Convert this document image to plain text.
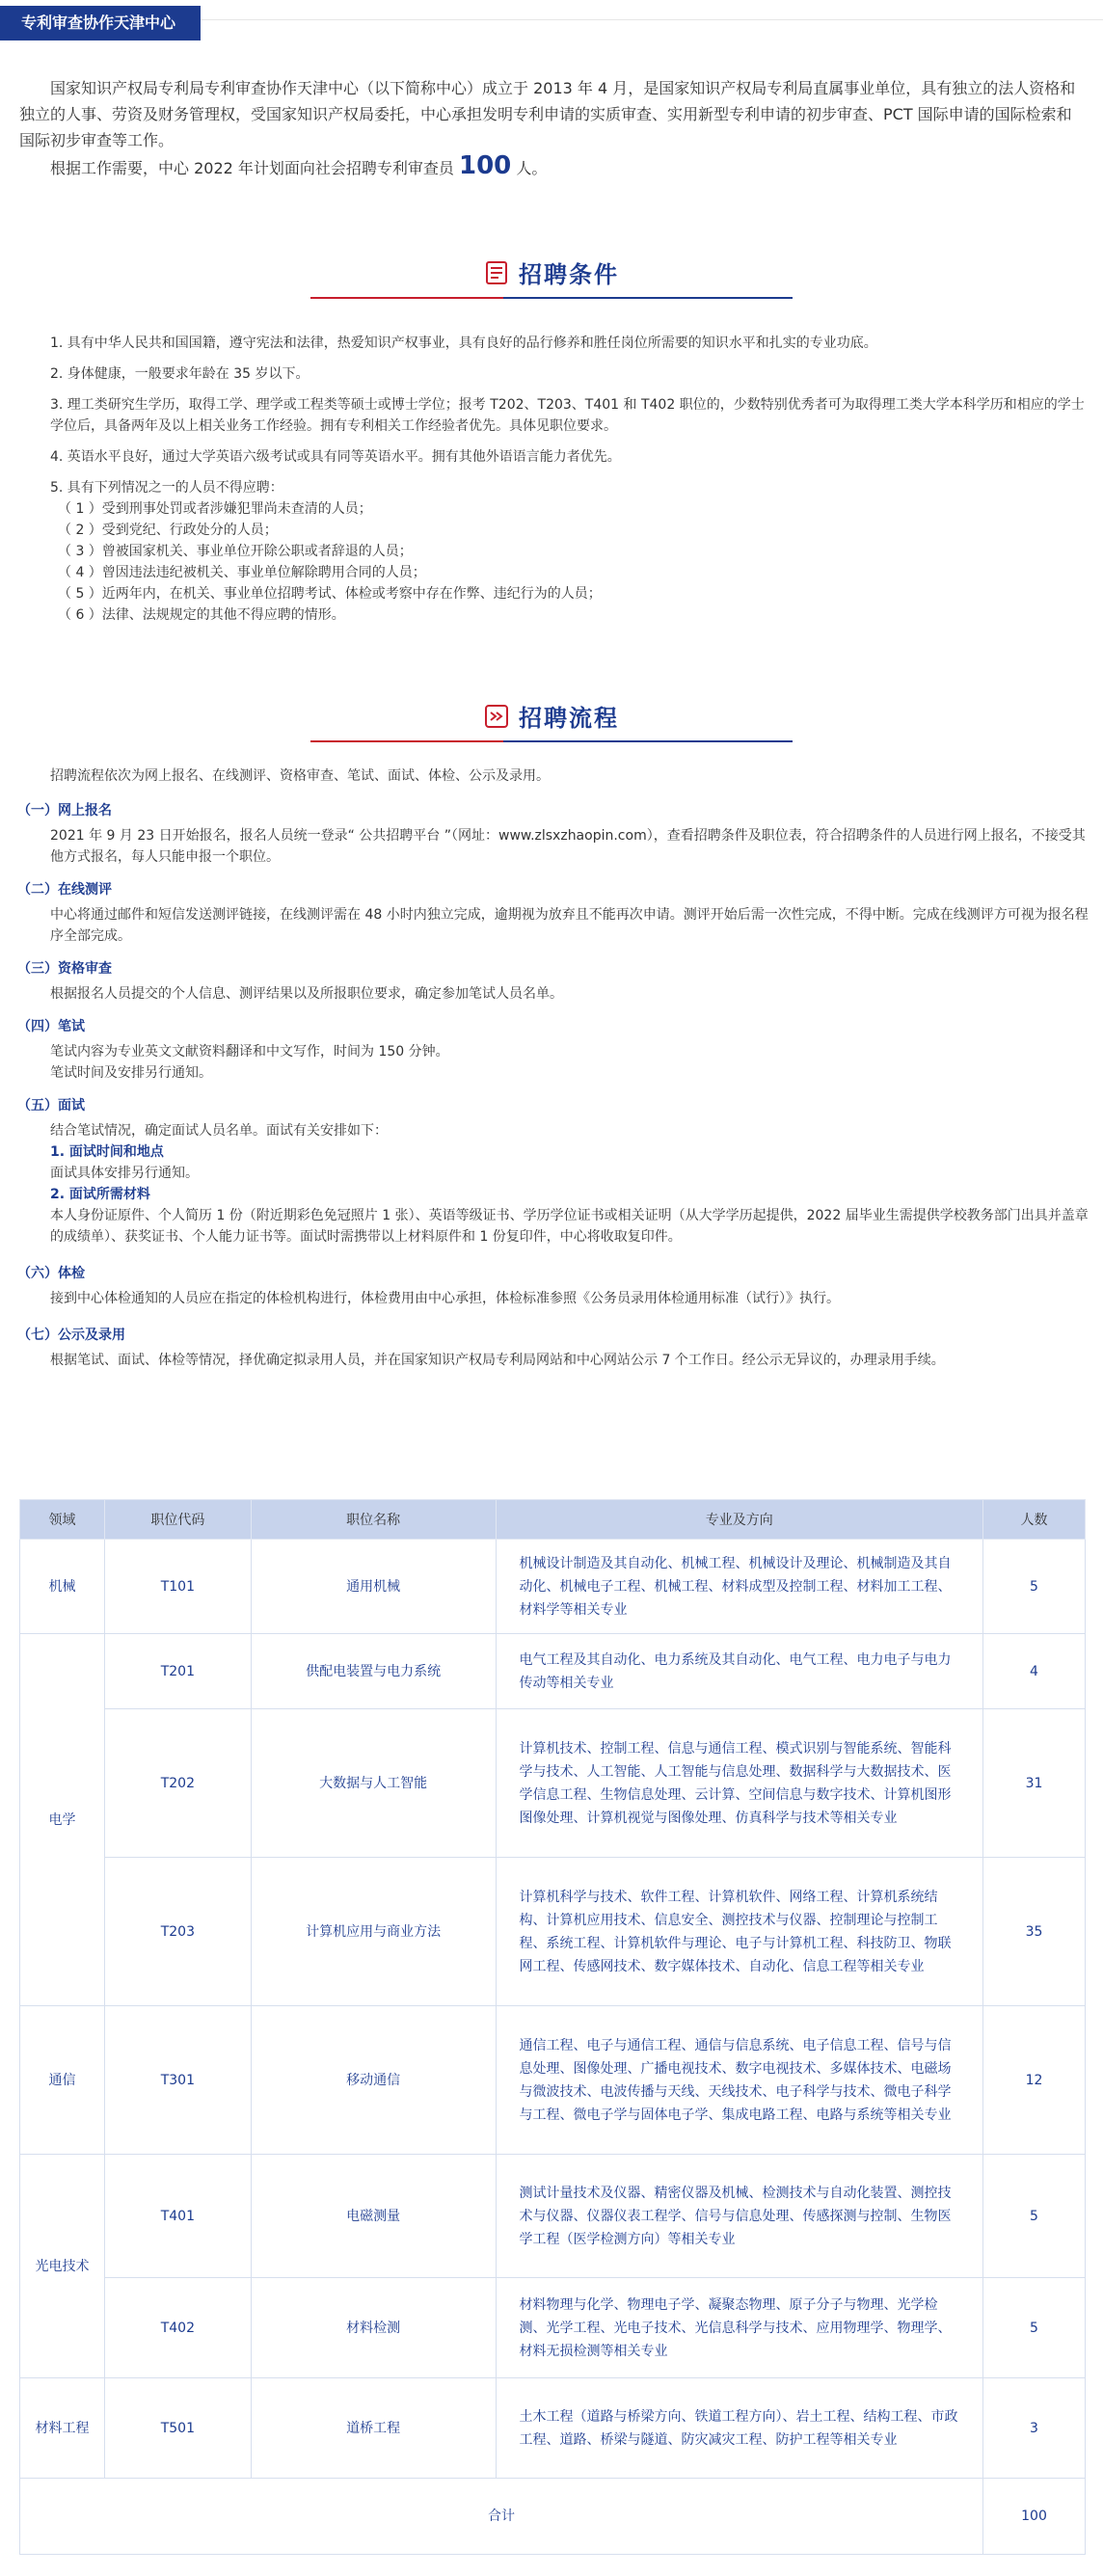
专利审查协作天津中心

国家知识产权局专利局专利审查协作天津中心（以下简称中心）成立于 2013 年 4 月，是国家知识产权局专利局直属事业单位，具有独立的法人资格和独立的人事、劳资及财务管理权，受国家知识产权局委托，中心承担发明专利申请的实质审查、实用新型专利申请的初步审查、PCT 国际申请的国际检索和国际初步审查等工作。

根据工作需要，中心 2022 年计划面向社会招聘专利审查员 100 人。

招聘条件

1. 具有中华人民共和国国籍，遵守宪法和法律，热爱知识产权事业，具有良好的品行修养和胜任岗位所需要的知识水平和扎实的专业功底。

2. 身体健康，一般要求年龄在 35 岁以下。

3. 理工类研究生学历，取得工学、理学或工程类等硕士或博士学位；报考 T202、T203、T401 和 T402 职位的，少数特别优秀者可为取得理工类大学本科学历和相应的学士学位后，具备两年及以上相关业务工作经验。拥有专利相关工作经验者优先。具体见职位要求。

4. 英语水平良好，通过大学英语六级考试或具有同等英语水平。拥有其他外语语言能力者优先。

5. 具有下列情况之一的人员不得应聘：

（ 1 ）受到刑事处罚或者涉嫌犯罪尚未查清的人员；

（ 2 ）受到党纪、行政处分的人员；

（ 3 ）曾被国家机关、事业单位开除公职或者辞退的人员；

（ 4 ）曾因违法违纪被机关、事业单位解除聘用合同的人员；

（ 5 ）近两年内，在机关、事业单位招聘考试、体检或考察中存在作弊、违纪行为的人员；

（ 6 ）法律、法规规定的其他不得应聘的情形。

招聘流程

招聘流程依次为网上报名、在线测评、资格审查、笔试、面试、体检、公示及录用。

（一）网上报名

2021 年 9 月 23 日开始报名，报名人员统一登录“ 公共招聘平台 ”（网址：www.zlsxzhaopin.com），查看招聘条件及职位表，符合招聘条件的人员进行网上报名，不接受其他方式报名，每人只能申报一个职位。

（二）在线测评

中心将通过邮件和短信发送测评链接，在线测评需在 48 小时内独立完成，逾期视为放弃且不能再次申请。测评开始后需一次性完成，不得中断。完成在线测评方可视为报名程序全部完成。

（三）资格审查

根据报名人员提交的个人信息、测评结果以及所报职位要求，确定参加笔试人员名单。

（四）笔试

笔试内容为专业英文文献资料翻译和中文写作，时间为 150 分钟。

笔试时间及安排另行通知。

（五）面试

结合笔试情况，确定面试人员名单。面试有关安排如下：

1. 面试时间和地点

面试具体安排另行通知。

2. 面试所需材料

本人身份证原件、个人简历 1 份（附近期彩色免冠照片 1 张）、英语等级证书、学历学位证书或相关证明（从大学学历起提供，2022 届毕业生需提供学校教务部门出具并盖章的成绩单）、获奖证书、个人能力证书等。面试时需携带以上材料原件和 1 份复印件，中心将收取复印件。

（六）体检

接到中心体检通知的人员应在指定的体检机构进行，体检费用由中心承担，体检标准参照《公务员录用体检通用标准（试行）》执行。

（七）公示及录用

根据笔试、面试、体检等情况，择优确定拟录用人员，并在国家知识产权局专利局网站和中心网站公示 7 个工作日。经公示无异议的，办理录用手续。

领域	职位代码	职位名称	专业及方向	人数
机械	T101	通用机械	机械设计制造及其自动化、机械工程、机械设计及理论、机械制造及其自动化、机械电子工程、机械工程、材料成型及控制工程、材料加工工程、材料学等相关专业	5
电学	T201	供配电装置与电力系统	电气工程及其自动化、电力系统及其自动化、电气工程、电力电子与电力传动等相关专业	4
	T202	大数据与人工智能	计算机技术、控制工程、信息与通信工程、模式识别与智能系统、智能科学与技术、人工智能、人工智能与信息处理、数据科学与大数据技术、医学信息工程、生物信息处理、云计算、空间信息与数字技术、计算机图形图像处理、计算机视觉与图像处理、仿真科学与技术等相关专业	31
	T203	计算机应用与商业方法	计算机科学与技术、软件工程、计算机软件、网络工程、计算机系统结构、计算机应用技术、信息安全、测控技术与仪器、控制理论与控制工程、系统工程、计算机软件与理论、电子与计算机工程、科技防卫、物联网工程、传感网技术、数字媒体技术、自动化、信息工程等相关专业	35
通信	T301	移动通信	通信工程、电子与通信工程、通信与信息系统、电子信息工程、信号与信息处理、图像处理、广播电视技术、数字电视技术、多媒体技术、电磁场与微波技术、电波传播与天线、天线技术、电子科学与技术、微电子科学与工程、微电子学与固体电子学、集成电路工程、电路与系统等相关专业	12
光电技术	T401	电磁测量	测试计量技术及仪器、精密仪器及机械、检测技术与自动化装置、测控技术与仪器、仪器仪表工程学、信号与信息处理、传感探测与控制、生物医学工程（医学检测方向）等相关专业	5
	T402	材料检测	材料物理与化学、物理电子学、凝聚态物理、原子分子与物理、光学检测、光学工程、光电子技术、光信息科学与技术、应用物理学、物理学、材料无损检测等相关专业	5
材料工程	T501	道桥工程	土木工程（道路与桥梁方向、铁道工程方向）、岩土工程、结构工程、市政工程、道路、桥梁与隧道、防灾减灾工程、防护工程等相关专业	3
合计				100
